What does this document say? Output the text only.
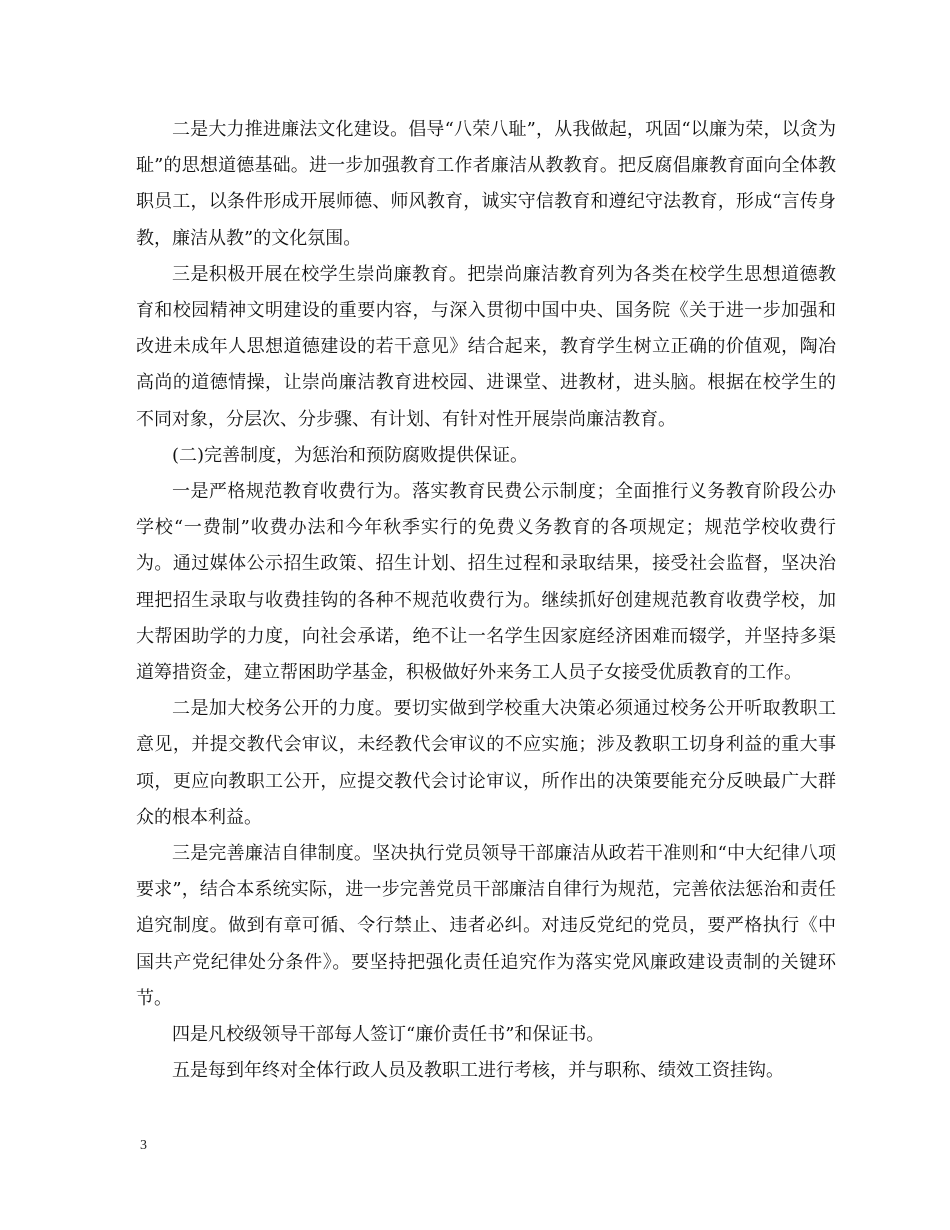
二是大力推进廉法文化建设。倡导“八荣八耻”，从我做起，巩固“以廉为荣，以贪为耻”的思想道德基础。进一步加强教育工作者廉洁从教教育。把反腐倡廉教育面向全体教职员工，以条件形成开展师德、师风教育，诚实守信教育和遵纪守法教育，形成“言传身教，廉洁从教”的文化氛围。

三是积极开展在校学生崇尚廉教育。把崇尚廉洁教育列为各类在校学生思想道德教育和校园精神文明建设的重要内容，与深入贯彻中国中央、国务院《关于进一步加强和改进未成年人思想道德建设的若干意见》结合起来，教育学生树立正确的价值观，陶冶高尚的道德情操，让崇尚廉洁教育进校园、进课堂、进教材，进头脑。根据在校学生的不同对象，分层次、分步骤、有计划、有针对性开展崇尚廉洁教育。

(二)完善制度，为惩治和预防腐败提供保证。

一是严格规范教育收费行为。落实教育民费公示制度；全面推行义务教育阶段公办学校“一费制”收费办法和今年秋季实行的免费义务教育的各项规定；规范学校收费行为。通过媒体公示招生政策、招生计划、招生过程和录取结果，接受社会监督，坚决治理把招生录取与收费挂钩的各种不规范收费行为。继续抓好创建规范教育收费学校，加大帮困助学的力度，向社会承诺，绝不让一名学生因家庭经济困难而辍学，并坚持多渠道筹措资金，建立帮困助学基金，积极做好外来务工人员子女接受优质教育的工作。

二是加大校务公开的力度。要切实做到学校重大决策必须通过校务公开听取教职工意见，并提交教代会审议，未经教代会审议的不应实施；涉及教职工切身利益的重大事项，更应向教职工公开，应提交教代会讨论审议，所作出的决策要能充分反映最广大群众的根本利益。

三是完善廉洁自律制度。坚决执行党员领导干部廉洁从政若干准则和“中大纪律八项要求”，结合本系统实际，进一步完善党员干部廉洁自律行为规范，完善依法惩治和责任追究制度。做到有章可循、令行禁止、违者必纠。对违反党纪的党员，要严格执行《中国共产党纪律处分条件》。要坚持把强化责任追究作为落实党风廉政建设责制的关键环节。

四是凡校级领导干部每人签订“廉价责任书”和保证书。

五是每到年终对全体行政人员及教职工进行考核，并与职称、绩效工资挂钩。

3
